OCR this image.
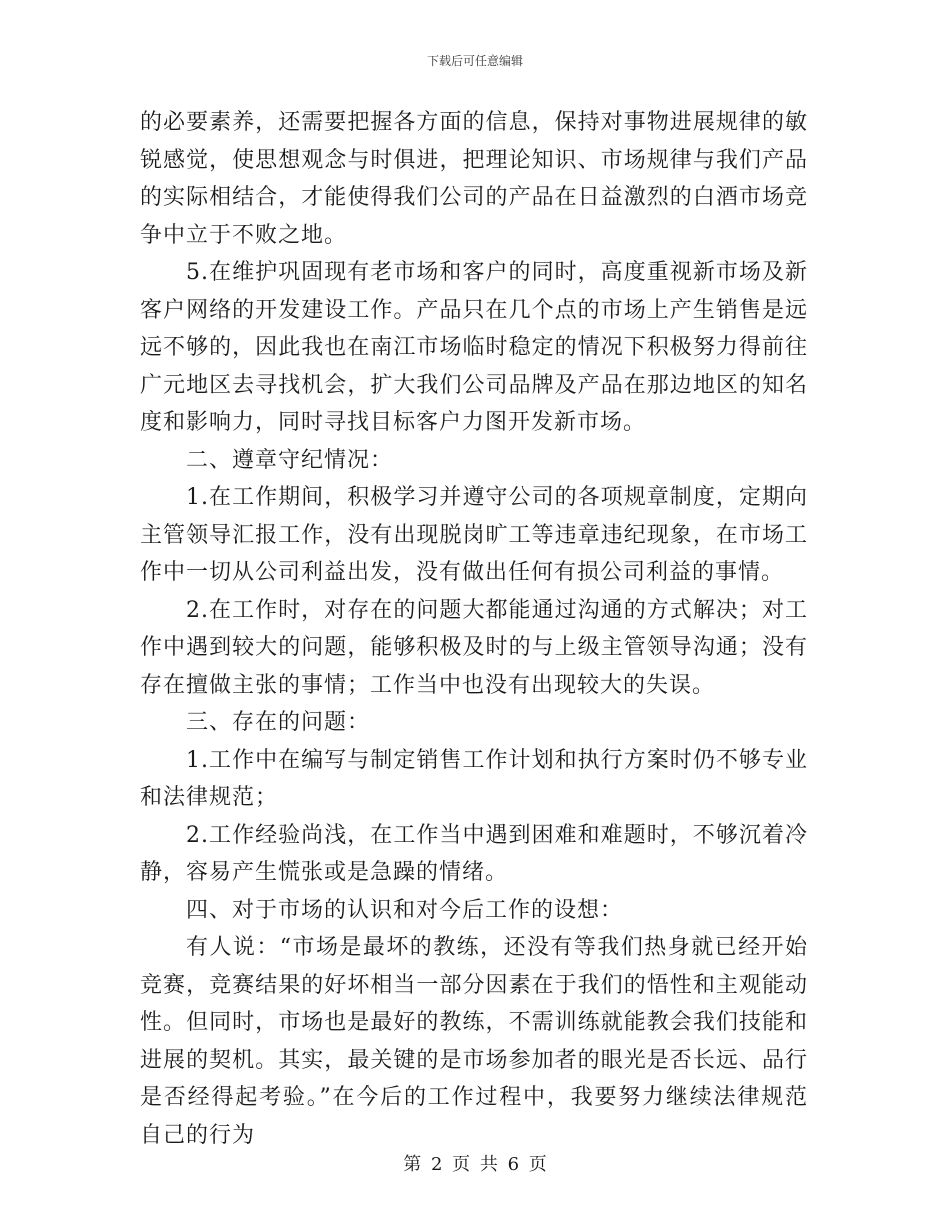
下载后可任意编辑

的必要素养，还需要把握各方面的信息，保持对事物进展规律的敏锐感觉，使思想观念与时俱进，把理论知识、市场规律与我们产品的实际相结合，才能使得我们公司的产品在日益激烈的白酒市场竞争中立于不败之地。

5.在维护巩固现有老市场和客户的同时，高度重视新市场及新客户网络的开发建设工作。产品只在几个点的市场上产生销售是远远不够的，因此我也在南江市场临时稳定的情况下积极努力得前往广元地区去寻找机会，扩大我们公司品牌及产品在那边地区的知名度和影响力，同时寻找目标客户力图开发新市场。

二、遵章守纪情况：

1.在工作期间，积极学习并遵守公司的各项规章制度，定期向主管领导汇报工作，没有出现脱岗旷工等违章违纪现象，在市场工作中一切从公司利益出发，没有做出任何有损公司利益的事情。

2.在工作时，对存在的问题大都能通过沟通的方式解决；对工作中遇到较大的问题，能够积极及时的与上级主管领导沟通；没有存在擅做主张的事情；工作当中也没有出现较大的失误。

三、存在的问题：

1.工作中在编写与制定销售工作计划和执行方案时仍不够专业和法律规范；

2.工作经验尚浅，在工作当中遇到困难和难题时，不够沉着冷静，容易产生慌张或是急躁的情绪。

四、对于市场的认识和对今后工作的设想：

有人说：“市场是最坏的教练，还没有等我们热身就已经开始竞赛，竞赛结果的好坏相当一部分因素在于我们的悟性和主观能动性。但同时，市场也是最好的教练，不需训练就能教会我们技能和进展的契机。其实，最关键的是市场参加者的眼光是否长远、品行是否经得起考验。”在今后的工作过程中，我要努力继续法律规范自己的行为

第 2 页 共 6 页
